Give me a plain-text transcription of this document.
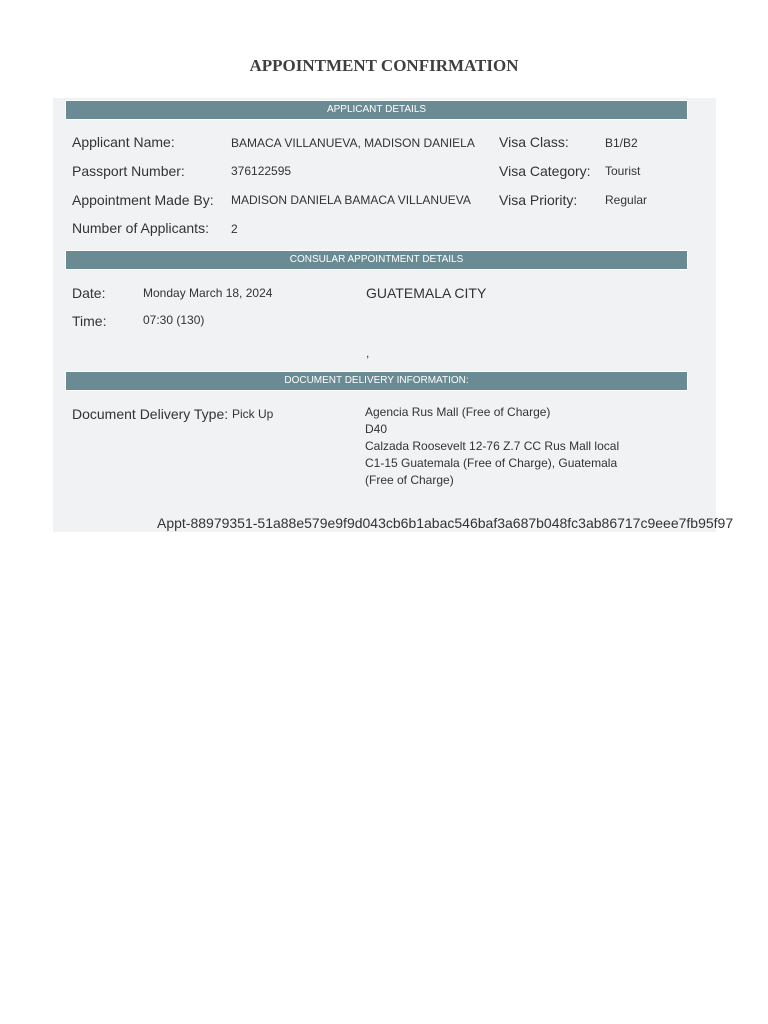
APPOINTMENT CONFIRMATION
APPLICANT DETAILS
Applicant Name:	BAMACA VILLANUEVA, MADISON DANIELA Visa Class:	B1/B2
Passport Number:	376122595	Visa Category: Tourist
Appointment Made By: MADISON DANIELA BAMACA VILLANUEVA Visa Priority: Regular
Number of Applicants: 2
CONSULAR APPOINTMENT DETAILS
Date:	Monday March 18, 2024	GUATEMALA CITY
Time:	07:30 (130)
,
DOCUMENT DELIVERY INFORMATION:
Document Delivery Type: Pick Up	Agencia Rus Mall (Free of Charge)
D40
Calzada Roosevelt 12-76 Z.7 CC Rus Mall local C1-15 Guatemala (Free of Charge), Guatemala (Free of Charge)
Appt-88979351-51a88e579e9f9d043cb6b1abac546baf3a687b048fc3ab86717c9eee7fb95f97
